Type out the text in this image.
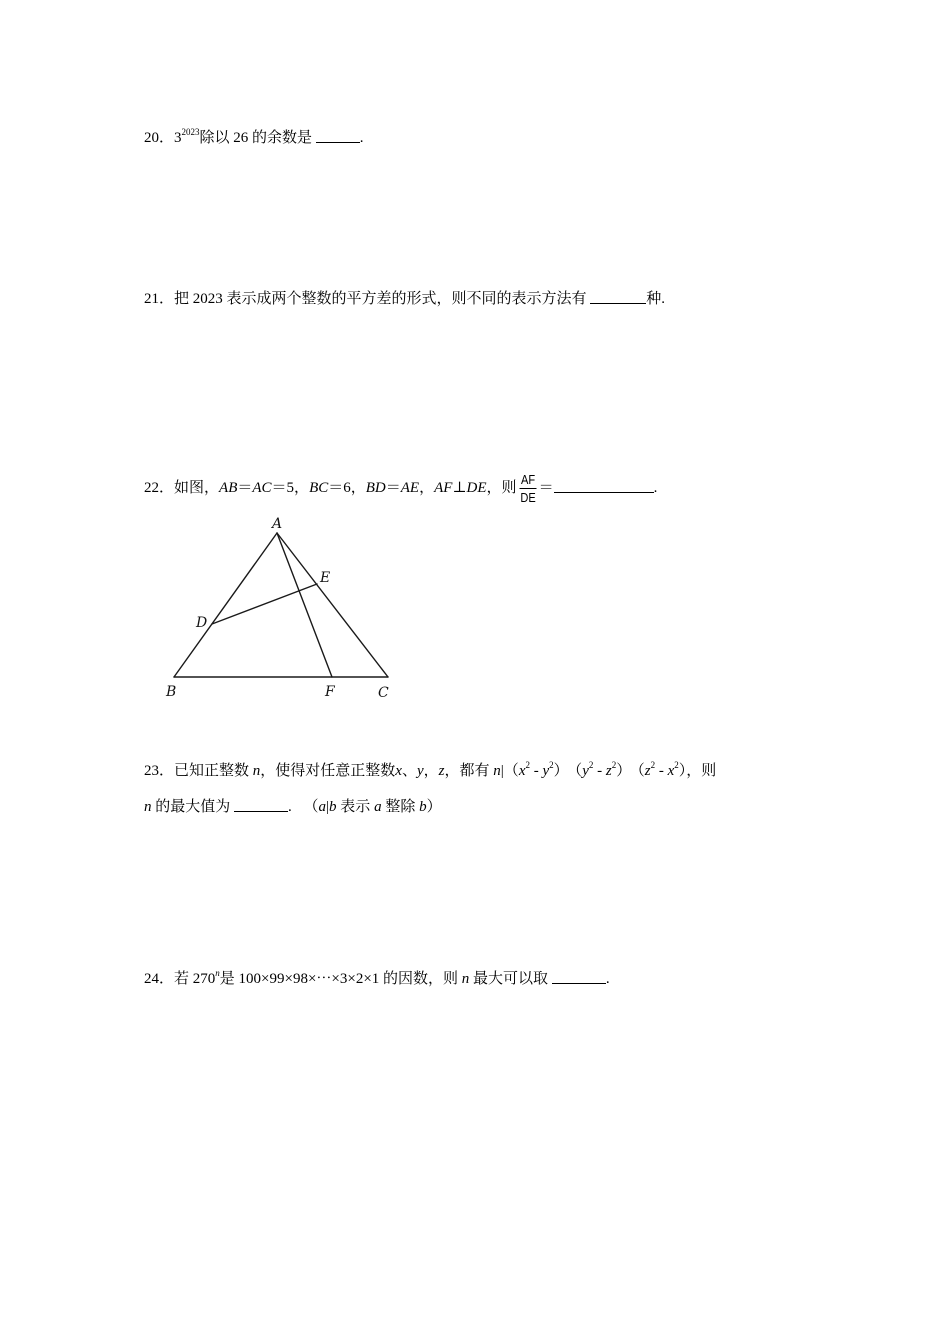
20．$3^{2023}$除以 26 的余数是	.
21．把 2023 表示成两个整数的平方差的形式，则不同的表示方法有	种.
22．如图，AB＝AC＝5，BC＝6，BD＝AE，AF⊥DE，则 $\frac{AF}{DE}$ ＝	.
A
B	C
D
E
F
23．已知正整数 n，使得对任意正整数x、y，z，都有 $n|(x^2 - y^2)$ $(y^2 - z^2)$ $(z^2 - x^2)$，则
n 的最大值为	. （a|b 表示 a 整除 b）
24．若 270$^n$是 100×99×98×⋯×3×2×1 的因数，则 n 最大可以取	.
